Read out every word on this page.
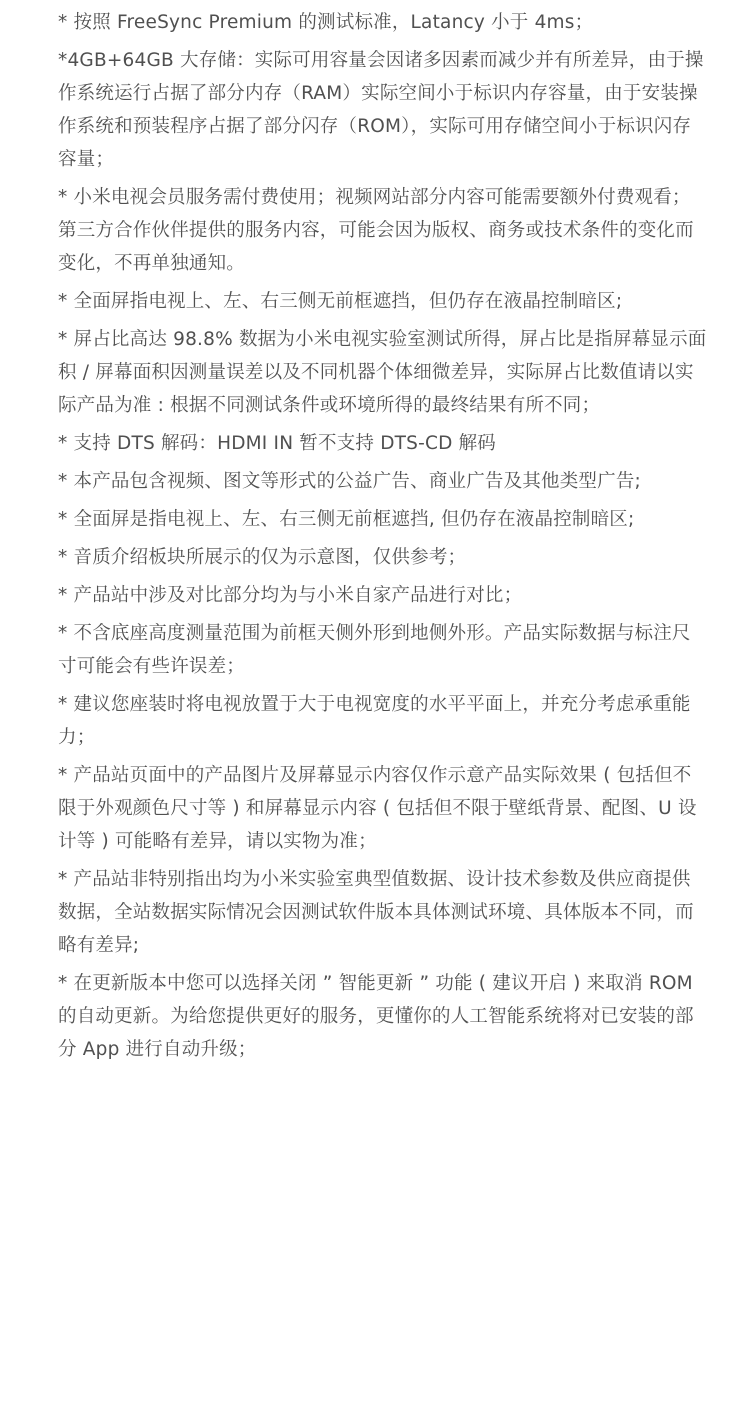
* 按照 FreeSync Premium 的测试标准，Latancy 小于 4ms；
*4GB+64GB 大存储：实际可用容量会因诸多因素而减少并有所差异，由于操作系统运行占据了部分内存（RAM）实际空间小于标识内存容量，由于安装操作系统和预装程序占据了部分闪存（ROM），实际可用存储空间小于标识闪存容量；
* 小米电视会员服务需付费使用；视频网站部分内容可能需要额外付费观看；第三方合作伙伴提供的服务内容，可能会因为版权、商务或技术条件的变化而变化，不再单独通知。
* 全面屏指电视上、左、右三侧无前框遮挡，但仍存在液晶控制暗区;
* 屏占比高达 98.8% 数据为小米电视实验室测试所得，屏占比是指屏幕显示面积 / 屏幕面积因测量误差以及不同机器个体细微差异，实际屏占比数值请以实际产品为准 : 根据不同测试条件或环境所得的最终结果有所不同；
* 支持 DTS 解码：HDMI IN 暂不支持 DTS-CD 解码
* 本产品包含视频、图文等形式的公益广告、商业广告及其他类型广告;
* 全面屏是指电视上、左、右三侧无前框遮挡, 但仍存在液晶控制暗区;
* 音质介绍板块所展示的仅为示意图，仅供参考；
* 产品站中涉及对比部分均为与小米自家产品进行对比；
* 不含底座高度测量范围为前框天侧外形到地侧外形。产品实际数据与标注尺寸可能会有些许误差；
* 建议您座装时将电视放置于大于电视宽度的水平平面上，并充分考虑承重能力；
* 产品站页面中的产品图片及屏幕显示内容仅作示意产品实际效果 ( 包括但不限于外观颜色尺寸等 ) 和屏幕显示内容 ( 包括但不限于壁纸背景、配图、U 设计等 ) 可能略有差异，请以实物为准；
* 产品站非特别指出均为小米实验室典型值数据、设计技术参数及供应商提供数据，全站数据实际情况会因测试软件版本具体测试环境、具体版本不同，而略有差异;
* 在更新版本中您可以选择关闭 ” 智能更新 ” 功能 ( 建议开启 ) 来取消 ROM 的自动更新。为给您提供更好的服务，更懂你的人工智能系统将对已安装的部分 App 进行自动升级；
